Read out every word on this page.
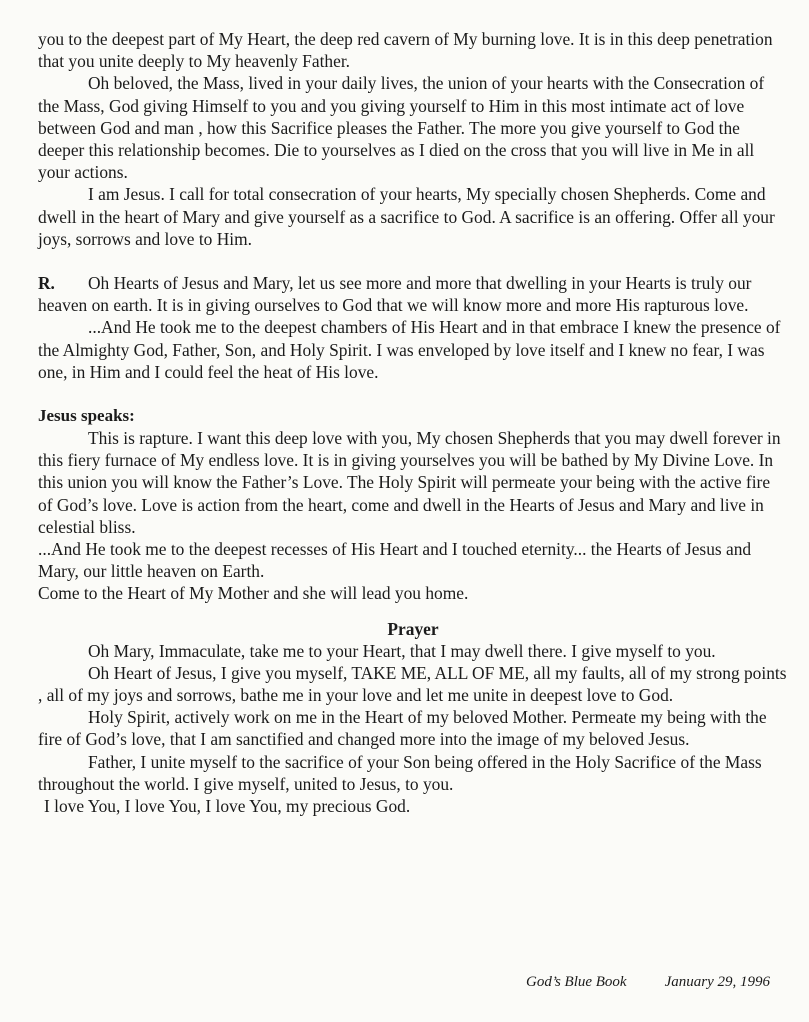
you to the deepest part of My Heart, the deep red cavern of My burning love. It is in this deep penetration that you unite deeply to My heavenly Father.

Oh beloved, the Mass, lived in your daily lives, the union of your hearts with the Consecration of the Mass, God giving Himself to you and you giving yourself to Him in this most intimate act of love between God and man , how this Sacrifice pleases the Father. The more you give yourself to God the deeper this relationship becomes. Die to yourselves as I died on the cross that you will live in Me in all your actions.

I am Jesus. I call for total consecration of your hearts, My specially chosen Shepherds. Come and dwell in the heart of Mary and give yourself as a sacrifice to God. A sacrifice is an offering. Offer all your joys, sorrows and love to Him.

R. Oh Hearts of Jesus and Mary, let us see more and more that dwelling in your Hearts is truly our heaven on earth. It is in giving ourselves to God that we will know more and more His rapturous love.

...And He took me to the deepest chambers of His Heart and in that embrace I knew the presence of the Almighty God, Father, Son, and Holy Spirit. I was enveloped by love itself and I knew no fear, I was one, in Him and I could feel the heat of His love.

Jesus speaks:

This is rapture. I want this deep love with you, My chosen Shepherds that you may dwell forever in this fiery furnace of My endless love. It is in giving yourselves you will be bathed by My Divine Love. In this union you will know the Father’s Love. The Holy Spirit will permeate your being with the active fire of God’s love. Love is action from the heart, come and dwell in the Hearts of Jesus and Mary and live in celestial bliss.

...And He took me to the deepest recesses of His Heart and I touched eternity... the Hearts of Jesus and Mary, our little heaven on Earth.

Come to the Heart of My Mother and she will lead you home.

Prayer

Oh Mary, Immaculate, take me to your Heart, that I may dwell there. I give myself to you.

Oh Heart of Jesus, I give you myself, TAKE ME, ALL OF ME, all my faults, all of my strong points , all of my joys and sorrows, bathe me in your love and let me unite in deepest love to God.

Holy Spirit, actively work on me in the Heart of my beloved Mother. Permeate my being with the fire of God’s love, that I am sanctified and changed more into the image of my beloved Jesus.

Father, I unite myself to the sacrifice of your Son being offered in the Holy Sacrifice of the Mass throughout the world. I give myself, united to Jesus, to you.

I love You, I love You, I love You, my precious God.

God’s Blue Book	January 29, 1996
